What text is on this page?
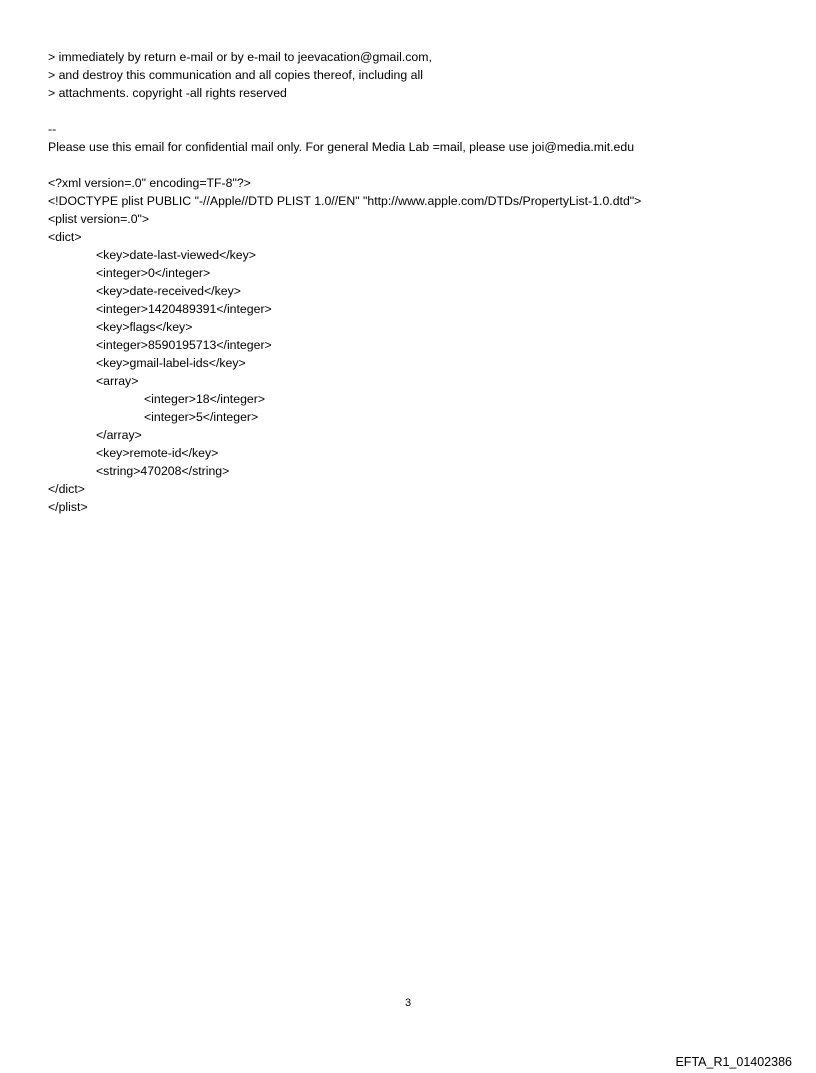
> immediately by return e-mail or by e-mail to jeevacation@gmail.com,
> and destroy this communication and all copies thereof, including all
> attachments. copyright -all rights reserved
--
Please use this email for confidential mail only. For general Media Lab =mail, please use joi@media.mit.edu
<?xml version=.0" encoding=TF-8"?>
<!DOCTYPE plist PUBLIC "-//Apple//DTD PLIST 1.0//EN" "http://www.apple.com/DTDs/PropertyList-1.0.dtd">
<plist version=.0">
<dict>
<key>date-last-viewed</key>
<integer>0</integer>
<key>date-received</key>
<integer>1420489391</integer>
<key>flags</key>
<integer>8590195713</integer>
<key>gmail-label-ids</key>
<array>
<integer>18</integer>
<integer>5</integer>
</array>
<key>remote-id</key>
<string>470208</string>
</dict>
</plist>
3
EFTA_R1_01402386
